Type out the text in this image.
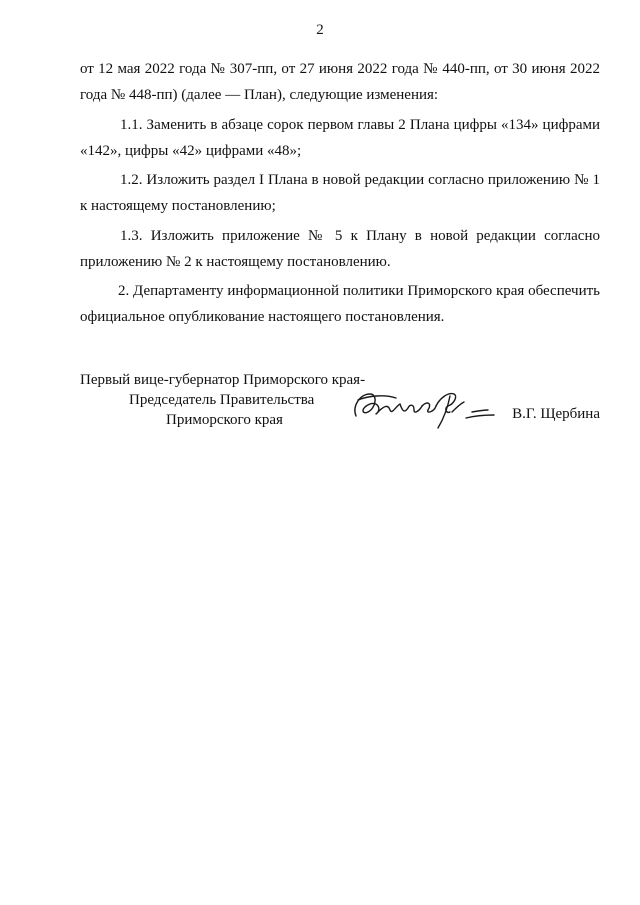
2

от 12 мая 2022 года № 307-пп, от 27 июня 2022 года № 440-пп, от 30 июня 2022 года № 448-пп) (далее — План), следующие изменения:

1.1. Заменить в абзаце сорок первом главы 2 Плана цифры «134» цифрами «142», цифры «42» цифрами «48»;

1.2. Изложить раздел I Плана в новой редакции согласно приложению № 1 к настоящему постановлению;

1.3. Изложить приложение № 5 к Плану в новой редакции согласно приложению № 2 к настоящему постановлению.

2. Департаменту информационной политики Приморского края обеспечить официальное опубликование настоящего постановления.

Первый вице-губернатор Приморского края-
Председатель Правительства
Приморского края	В.Г. Щербина
